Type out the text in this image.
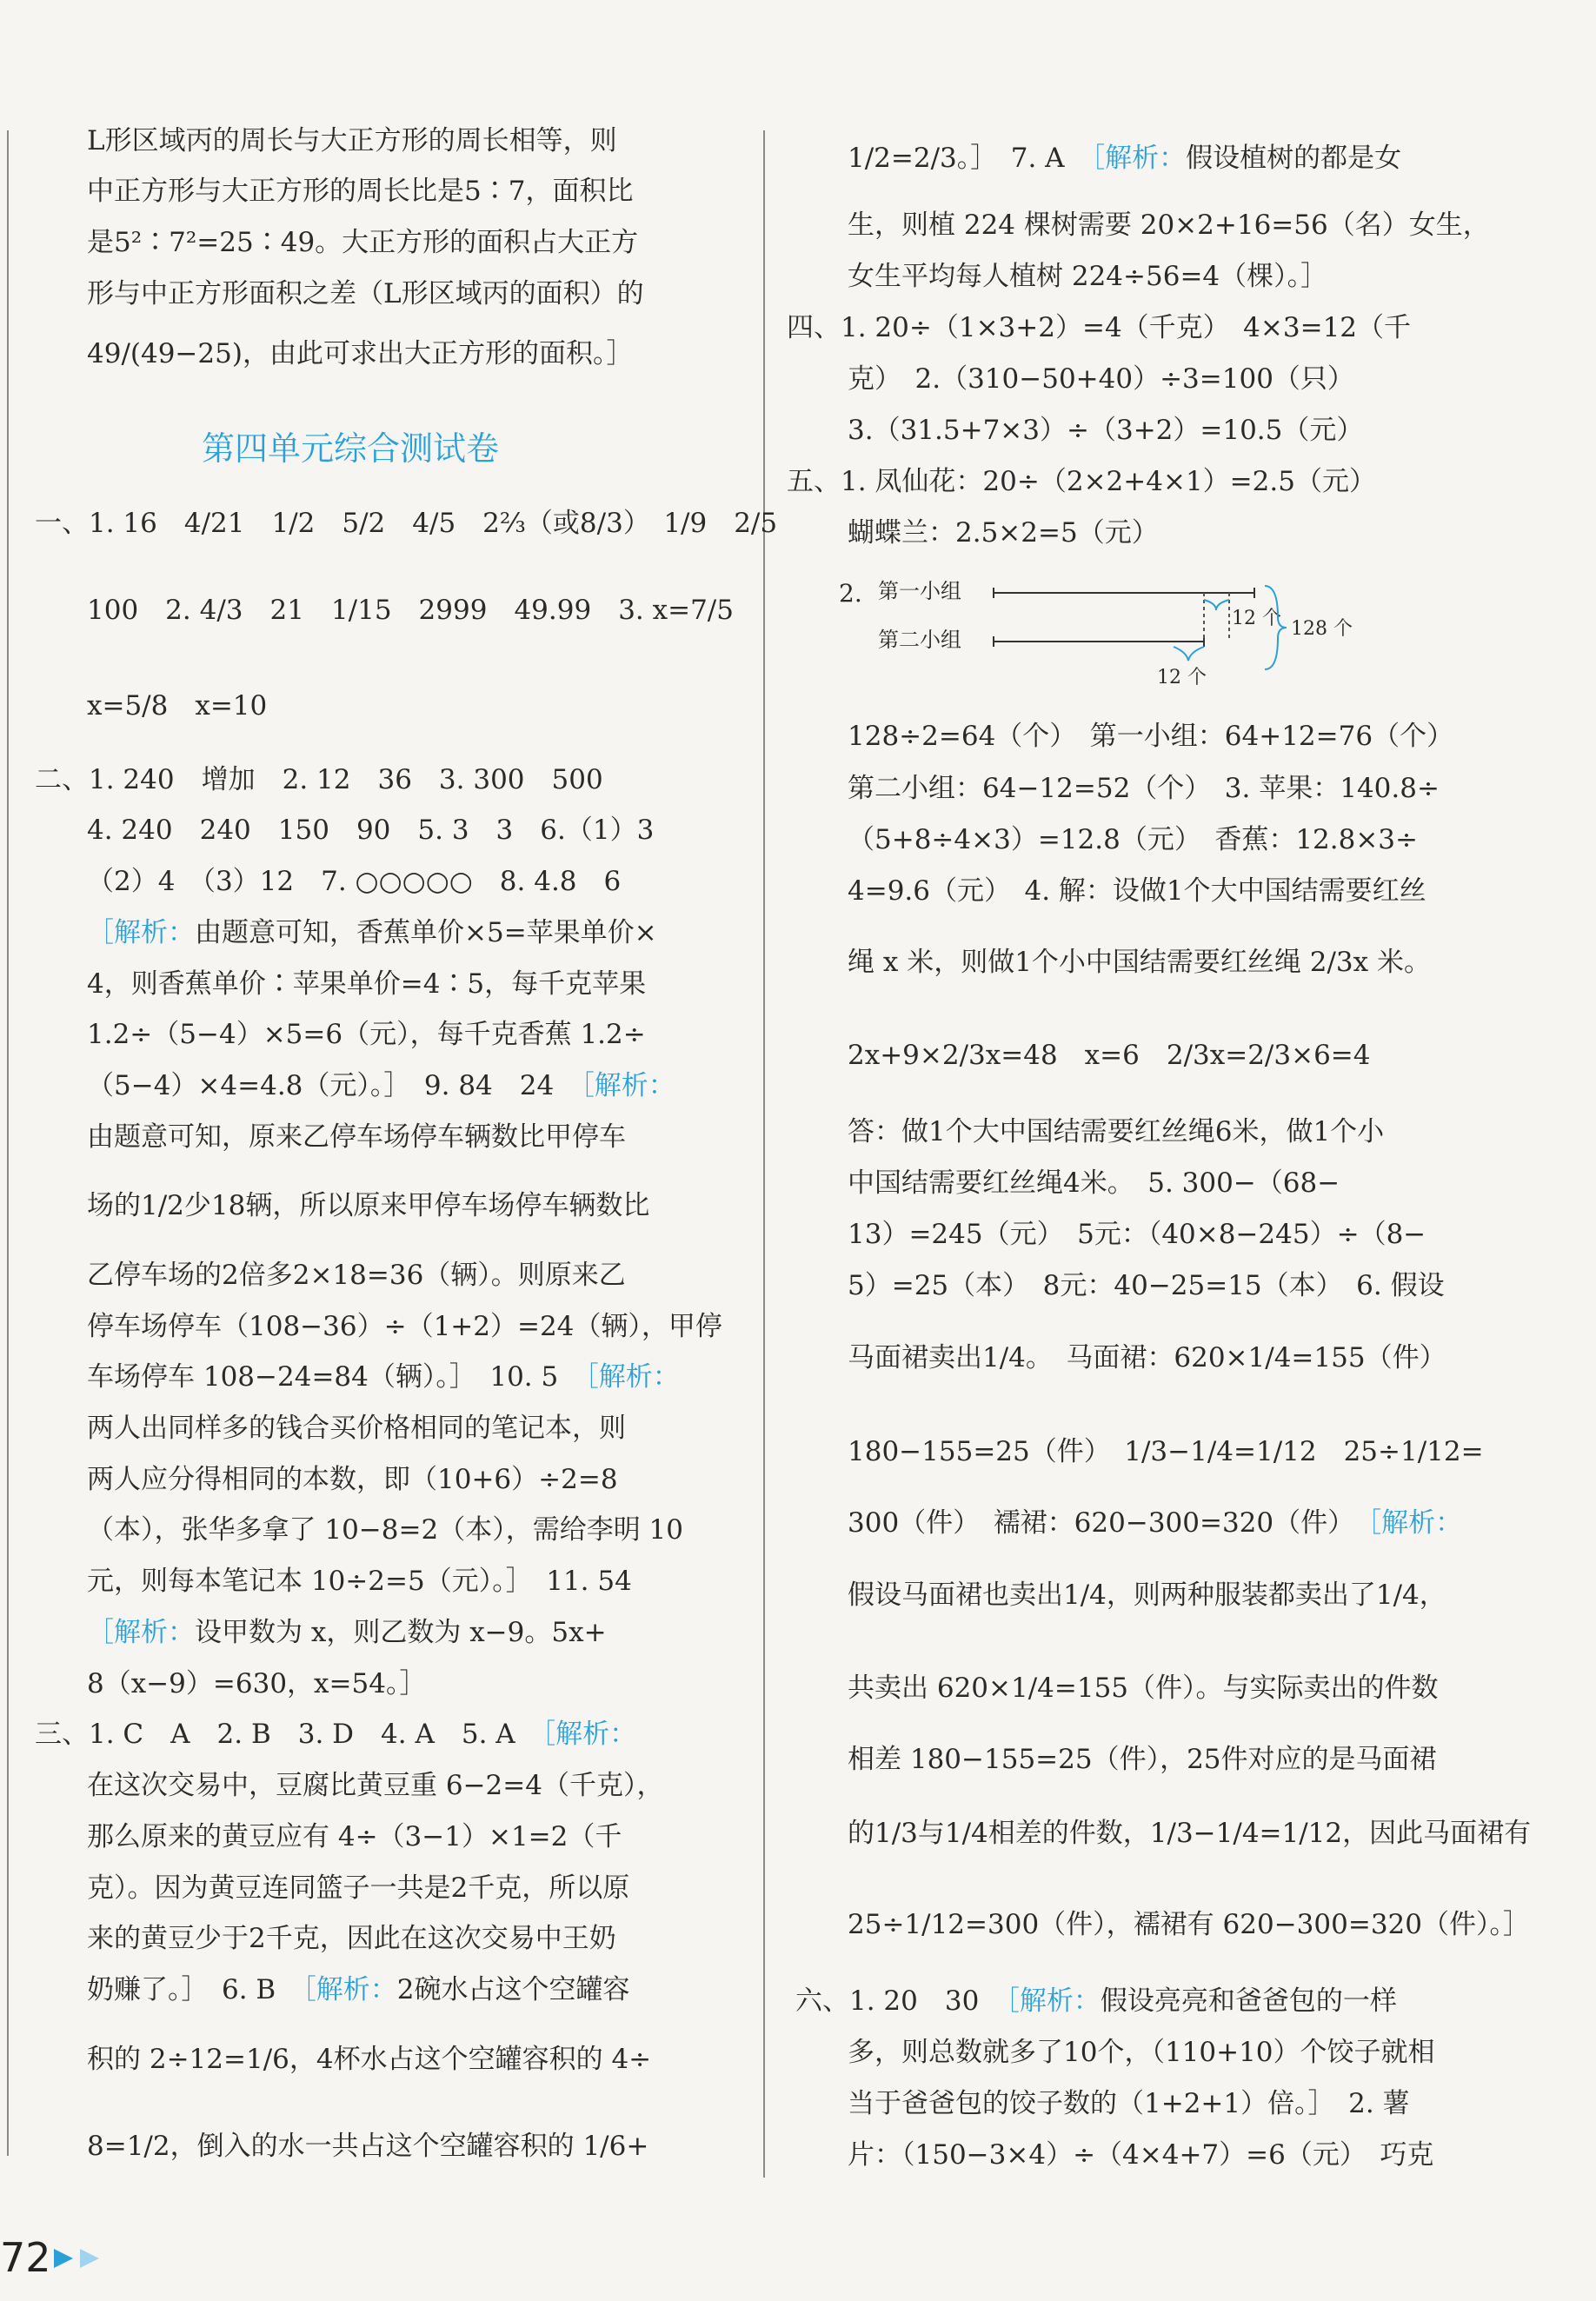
L形区域丙的周长与大正方形的周长相等，则
中正方形与大正方形的周长比是5∶7，面积比
是5²∶7²=25∶49。大正方形的面积占大正方
形与中正方形面积之差（L形区域丙的面积）的
49/(49−25)，由此可求出大正方形的面积。］
第四单元综合测试卷
一、1. 16　4/21　1/2　5/2　4/5　2⅔（或8/3）　1/9　2/5
100　2. 4/3　21　1/15　2999　49.99　3. x=7/5
x=5/8　x=10
二、1. 240　增加　2. 12　36　3. 300　500
4. 240　240　150　90　5. 3　3　6.（1）3
（2）4　（3）12　7. ○○○○○　8. 4.8　6
［解析：由题意可知，香蕉单价×5=苹果单价×
4，则香蕉单价∶苹果单价=4∶5，每千克苹果
1.2÷（5−4）×5=6（元），每千克香蕉 1.2÷
（5−4）×4=4.8（元）。］　9. 84　24　［解析：
由题意可知，原来乙停车场停车辆数比甲停车
场的1/2少18辆，所以原来甲停车场停车辆数比
乙停车场的2倍多2×18=36（辆）。则原来乙
停车场停车（108−36）÷（1+2）=24（辆），甲停
车场停车 108−24=84（辆）。］　10. 5　［解析：
两人出同样多的钱合买价格相同的笔记本，则
两人应分得相同的本数，即（10+6）÷2=8
（本），张华多拿了 10−8=2（本），需给李明 10
元，则每本笔记本 10÷2=5（元）。］　11. 54
［解析：设甲数为 x，则乙数为 x−9。5x+
8（x−9）=630，x=54。］
三、1. C　A　2. B　3. D　4. A　5. A　［解析：
在这次交易中，豆腐比黄豆重 6−2=4（千克），
那么原来的黄豆应有 4÷（3−1）×1=2（千
克）。因为黄豆连同篮子一共是2千克，所以原
来的黄豆少于2千克，因此在这次交易中王奶
奶赚了。］　6. B　［解析：2碗水占这个空罐容
积的 2÷12=1/6，4杯水占这个空罐容积的 4÷
8=1/2，倒入的水一共占这个空罐容积的 1/6+
1/2=2/3。］　7. A　［解析：假设植树的都是女
生，则植 224 棵树需要 20×2+16=56（名）女生，
女生平均每人植树 224÷56=4（棵）。］
四、1. 20÷（1×3+2）=4（千克）　4×3=12（千
克）　2.（310−50+40）÷3=100（只）
3.（31.5+7×3）÷（3+2）=10.5（元）
五、1. 凤仙花：20÷（2×2+4×1）=2.5（元）
蝴蝶兰：2.5×2=5（元）
2. 第一小组
第二小组
12 个
12 个
128 个
128÷2=64（个）　第一小组：64+12=76（个）
第二小组：64−12=52（个）　3. 苹果：140.8÷
（5+8÷4×3）=12.8（元）　香蕉：12.8×3÷
4=9.6（元）　4. 解：设做1个大中国结需要红丝
绳 x 米，则做1个小中国结需要红丝绳 2/3x 米。
2x+9×2/3x=48　x=6　2/3x=2/3×6=4
答：做1个大中国结需要红丝绳6米，做1个小
中国结需要红丝绳4米。　5. 300−（68−
13）=245（元）　5元：（40×8−245）÷（8−
5）=25（本）　8元：40−25=15（本）　6. 假设
马面裙卖出1/4。　马面裙：620×1/4=155（件）
180−155=25（件）　1/3−1/4=1/12　25÷1/12=
300（件）　襦裙：620−300=320（件）　［解析：
假设马面裙也卖出1/4，则两种服装都卖出了1/4，
共卖出 620×1/4=155（件）。与实际卖出的件数
相差 180−155=25（件），25件对应的是马面裙
的1/3与1/4相差的件数，1/3−1/4=1/12，因此马面裙有
25÷1/12=300（件），襦裙有 620−300=320（件）。］
六、1. 20　30　［解析：假设亮亮和爸爸包的一样
多，则总数就多了10个，（110+10）个饺子就相
当于爸爸包的饺子数的（1+2+1）倍。］　2. 薯
片：（150−3×4）÷（4×4+7）=6（元）　巧克
72
